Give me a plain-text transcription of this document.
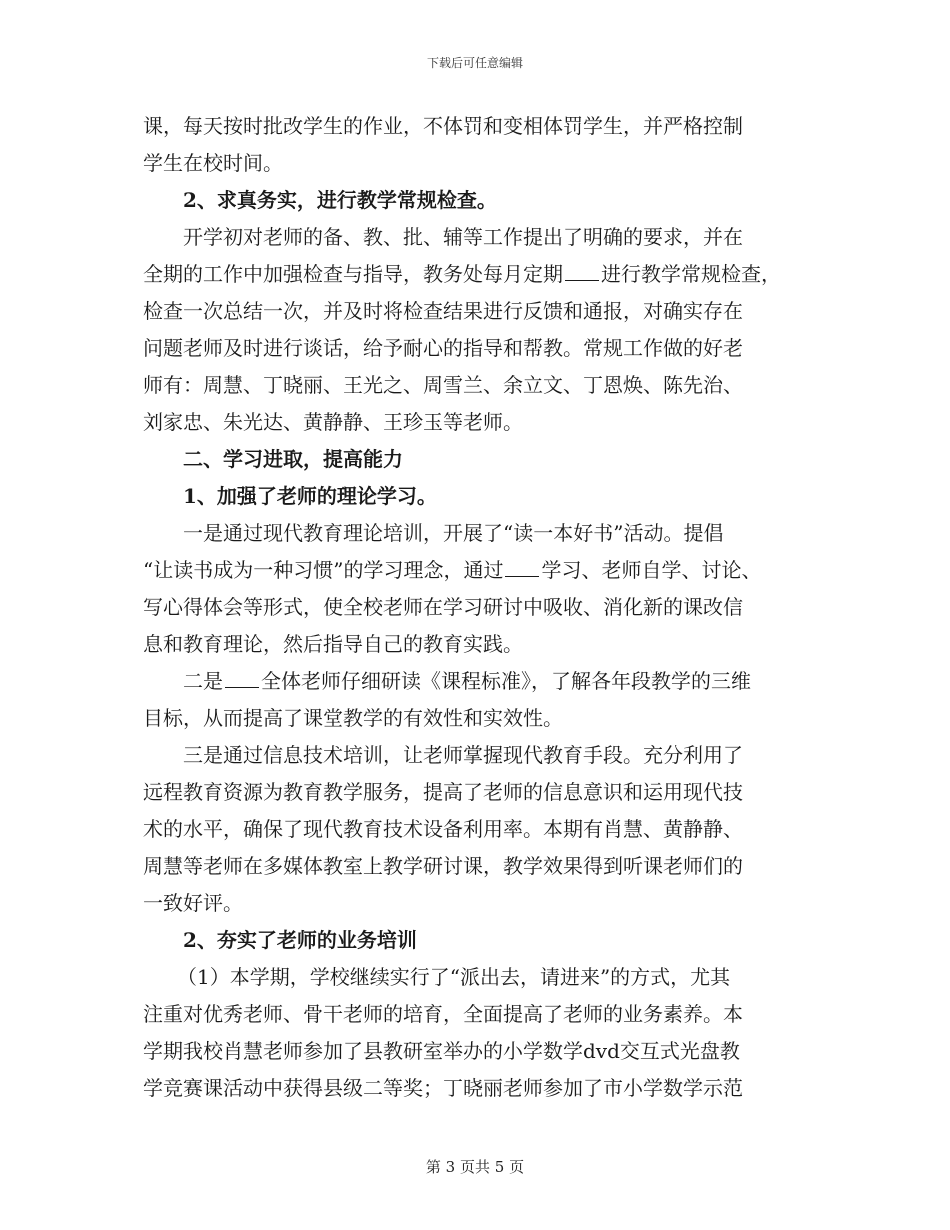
下载后可任意编辑

课，每天按时批改学生的作业，不体罚和变相体罚学生，并严格控制

学生在校时间。

2、求真务实，进行教学常规检查。

开学初对老师的备、教、批、辅等工作提出了明确的要求，并在

全期的工作中加强检查与指导，教务处每月定期 进行教学常规检查，

检查一次总结一次，并及时将检查结果进行反馈和通报，对确实存在

问题老师及时进行谈话，给予耐心的指导和帮教。常规工作做的好老

师有：周慧、丁晓丽、王光之、周雪兰、余立文、丁恩焕、陈先治、

刘家忠、朱光达、黄静静、王珍玉等老师。

二、学习进取，提高能力

1、加强了老师的理论学习。

一是通过现代教育理论培训，开展了“读一本好书”活动。提倡

“让读书成为一种习惯”的学习理念，通过 学习、老师自学、讨论、

写心得体会等形式，使全校老师在学习研讨中吸收、消化新的课改信

息和教育理论，然后指导自己的教育实践。

二是 全体老师仔细研读《课程标准》，了解各年段教学的三维

目标，从而提高了课堂教学的有效性和实效性。

三是通过信息技术培训，让老师掌握现代教育手段。充分利用了

远程教育资源为教育教学服务，提高了老师的信息意识和运用现代技

术的水平，确保了现代教育技术设备利用率。本期有肖慧、黄静静、

周慧等老师在多媒体教室上教学研讨课，教学效果得到听课老师们的

一致好评。

2、夯实了老师的业务培训

（1）本学期，学校继续实行了“派出去，请进来”的方式，尤其

注重对优秀老师、骨干老师的培育，全面提高了老师的业务素养。本

学期我校肖慧老师参加了县教研室举办的小学数学dvd交互式光盘教

学竞赛课活动中获得县级二等奖；丁晓丽老师参加了市小学数学示范

第 3 页共 5 页
